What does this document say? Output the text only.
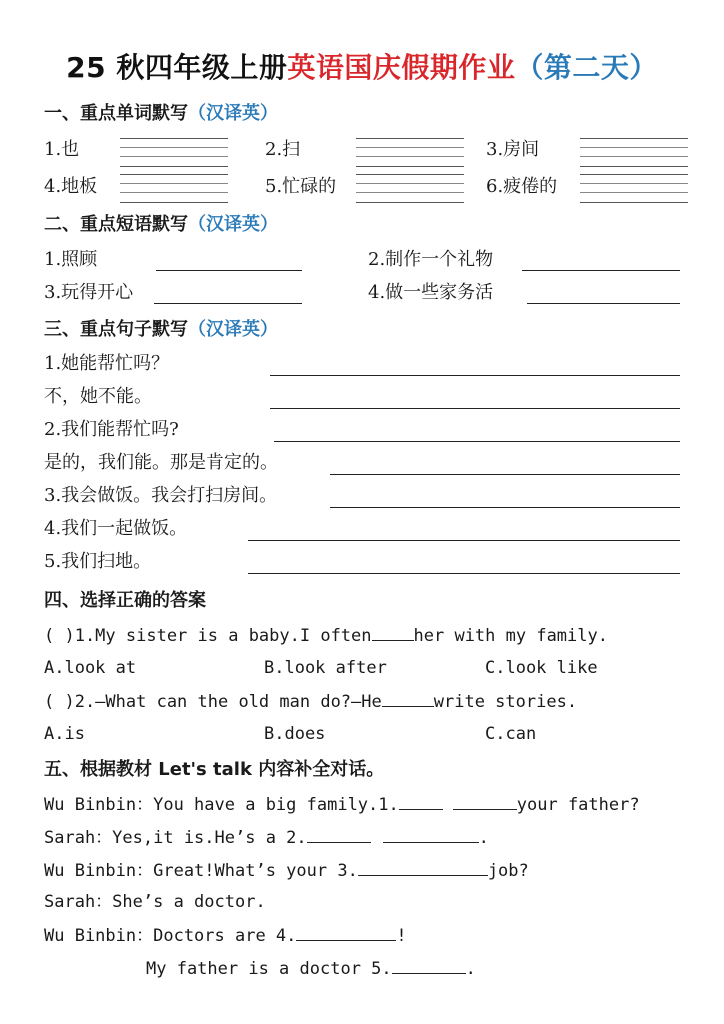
25 秋四年级上册英语国庆假期作业（第二天）
一、重点单词默写（汉译英）
1.也	2.扫	3.房间
4.地板	5.忙碌的	6.疲倦的
二、重点短语默写（汉译英）
1.照顾	2.制作一个礼物
3.玩得开心	4.做一些家务活
三、重点句子默写（汉译英）
1.她能帮忙吗？
不，她不能。
2.我们能帮忙吗?
是的，我们能。那是肯定的。
3.我会做饭。我会打扫房间。
4.我们一起做饭。
5.我们扫地。
四、选择正确的答案
( )1.My sister is a baby.I often her with my family.
A.look at	B.look after	C.look like
( )2.—What can the old man do?—He	write stories.
A.is	B.does	C.can
五、根据教材 Let's talk 内容补全对话。
Wu Binbin：You have a big family.1.	your father?
Sarah：Yes,it is.He’s a 2.	.
Wu Binbin：Great!What’s your 3.	job?
Sarah：She’s a doctor.
Wu Binbin：Doctors are 4.	!
My father is a doctor 5.	.
